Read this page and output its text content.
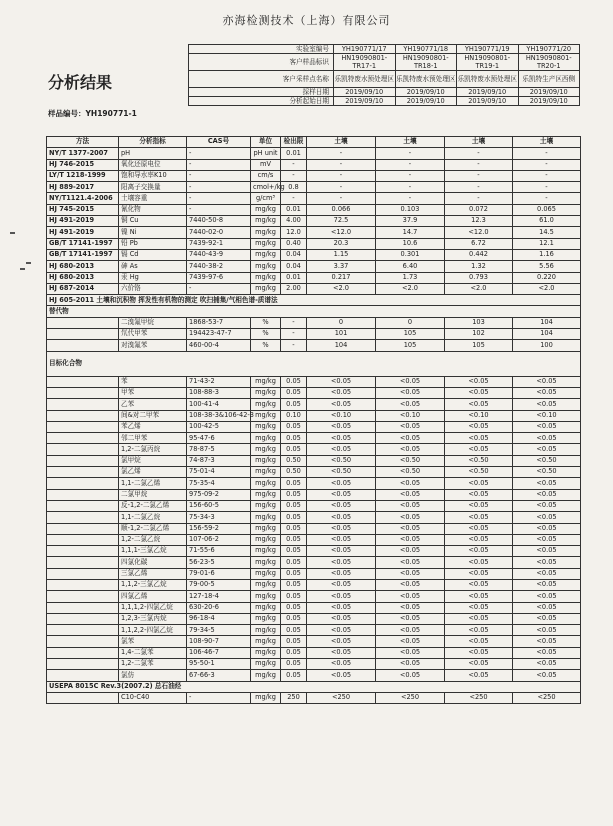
亦海检测技术（上海）有限公司
分析结果
样品编号：YH190771-1
实验室编号	YH190771/17	YH190771/18	YH190771/19	YH190771/20
客户样品标识	HN19090801-TR17-1	HN19090801-TR18-1	HN19090801-TR19-1	HN19090801-TR20-1
客户采样点名称	乐凯特废水预处理区	乐凯特废水预处理区	乐凯特废水预处理区	乐凯特生产区西侧
採样日期	2019/09/10	2019/09/10	2019/09/10	2019/09/10
分析起始日期	2019/09/10	2019/09/10	2019/09/10	2019/09/10
方法	分析指标	CAS号	单位	检出限	土壤	土壤	土壤	土壤
NY/T 1377-2007	pH	-	pH unit	0.01	-	-	-	-
HJ 746-2015	氧化还原电位	-	mV	-	-	-	-	-
LY/T 1218-1999	饱和导水率K10	-	cm/s	-	-	-	-	-
HJ 889-2017	阳离子交换量	-	cmol+/kg	0.8	-	-	-	-
NY/T1121.4-2006	土壤容重	-	g/cm³	-	-	-	-	-
HJ 745-2015	氰化物	-	mg/kg	0.01	0.066	0.103	0.072	0.065
HJ 491-2019	铜 Cu	7440-50-8	mg/kg	4.00	72.5	37.9	12.3	61.0
HJ 491-2019	镍 Ni	7440-02-0	mg/kg	12.0	<12.0	14.7	<12.0	14.5
GB/T 17141-1997	铅 Pb	7439-92-1	mg/kg	0.40	20.3	10.6	6.72	12.1
GB/T 17141-1997	镉 Cd	7440-43-9	mg/kg	0.04	1.15	0.301	0.442	1.16
HJ 680-2013	砷 As	7440-38-2	mg/kg	0.04	3.37	6.40	1.32	5.56
HJ 680-2013	汞 Hg	7439-97-6	mg/kg	0.01	0.217	1.73	0.793	0.220
HJ 687-2014	六价铬	-	mg/kg	2.00	<2.0	<2.0	<2.0	<2.0
HJ 605-2011 土壤和沉积物 挥发性有机物的测定 吹扫捕集/气相色谱-质谱法								
替代物								
	二溴氟甲烷	1868-53-7	%	-	0	0	103	104
	氘代甲苯	194423-47-7	%	-	101	105	102	104
	对溴氟苯	460-00-4	%	-	104	105	105	100
目标化合物								
	苯	71-43-2	mg/kg	0.05	<0.05	<0.05	<0.05	<0.05
	甲苯	108-88-3	mg/kg	0.05	<0.05	<0.05	<0.05	<0.05
	乙苯	100-41-4	mg/kg	0.05	<0.05	<0.05	<0.05	<0.05
	间&对二甲苯	108-38-3&106-42-3	mg/kg	0.10	<0.10	<0.10	<0.10	<0.10
	苯乙烯	100-42-5	mg/kg	0.05	<0.05	<0.05	<0.05	<0.05
	邻二甲苯	95-47-6	mg/kg	0.05	<0.05	<0.05	<0.05	<0.05
	1,2-二氯丙烷	78-87-5	mg/kg	0.05	<0.05	<0.05	<0.05	<0.05
	氯甲烷	74-87-3	mg/kg	0.50	<0.50	<0.50	<0.50	<0.50
	氯乙烯	75-01-4	mg/kg	0.50	<0.50	<0.50	<0.50	<0.50
	1,1-二氯乙烯	75-35-4	mg/kg	0.05	<0.05	<0.05	<0.05	<0.05
	二氯甲烷	975-09-2	mg/kg	0.05	<0.05	<0.05	<0.05	<0.05
	反-1,2-二氯乙烯	156-60-5	mg/kg	0.05	<0.05	<0.05	<0.05	<0.05
	1,1-二氯乙烷	75-34-3	mg/kg	0.05	<0.05	<0.05	<0.05	<0.05
	顺-1,2-二氯乙烯	156-59-2	mg/kg	0.05	<0.05	<0.05	<0.05	<0.05
	1,2-二氯乙烷	107-06-2	mg/kg	0.05	<0.05	<0.05	<0.05	<0.05
	1,1,1-三氯乙烷	71-55-6	mg/kg	0.05	<0.05	<0.05	<0.05	<0.05
	四氯化碳	56-23-5	mg/kg	0.05	<0.05	<0.05	<0.05	<0.05
	三氯乙烯	79-01-6	mg/kg	0.05	<0.05	<0.05	<0.05	<0.05
	1,1,2-三氯乙烷	79-00-5	mg/kg	0.05	<0.05	<0.05	<0.05	<0.05
	四氯乙烯	127-18-4	mg/kg	0.05	<0.05	<0.05	<0.05	<0.05
	1,1,1,2-四氯乙烷	630-20-6	mg/kg	0.05	<0.05	<0.05	<0.05	<0.05
	1,2,3-三氯丙烷	96-18-4	mg/kg	0.05	<0.05	<0.05	<0.05	<0.05
	1,1,2,2-四氯乙烷	79-34-5	mg/kg	0.05	<0.05	<0.05	<0.05	<0.05
	氯苯	108-90-7	mg/kg	0.05	<0.05	<0.05	<0.05	<0.05
	1,4-二氯苯	106-46-7	mg/kg	0.05	<0.05	<0.05	<0.05	<0.05
	1,2-二氯苯	95-50-1	mg/kg	0.05	<0.05	<0.05	<0.05	<0.05
	氯仿	67-66-3	mg/kg	0.05	<0.05	<0.05	<0.05	<0.05
USEPA 8015C Rev.3(2007.2) 总石油烃								
	C10-C40	-	mg/kg	250	<250	<250	<250	<250
